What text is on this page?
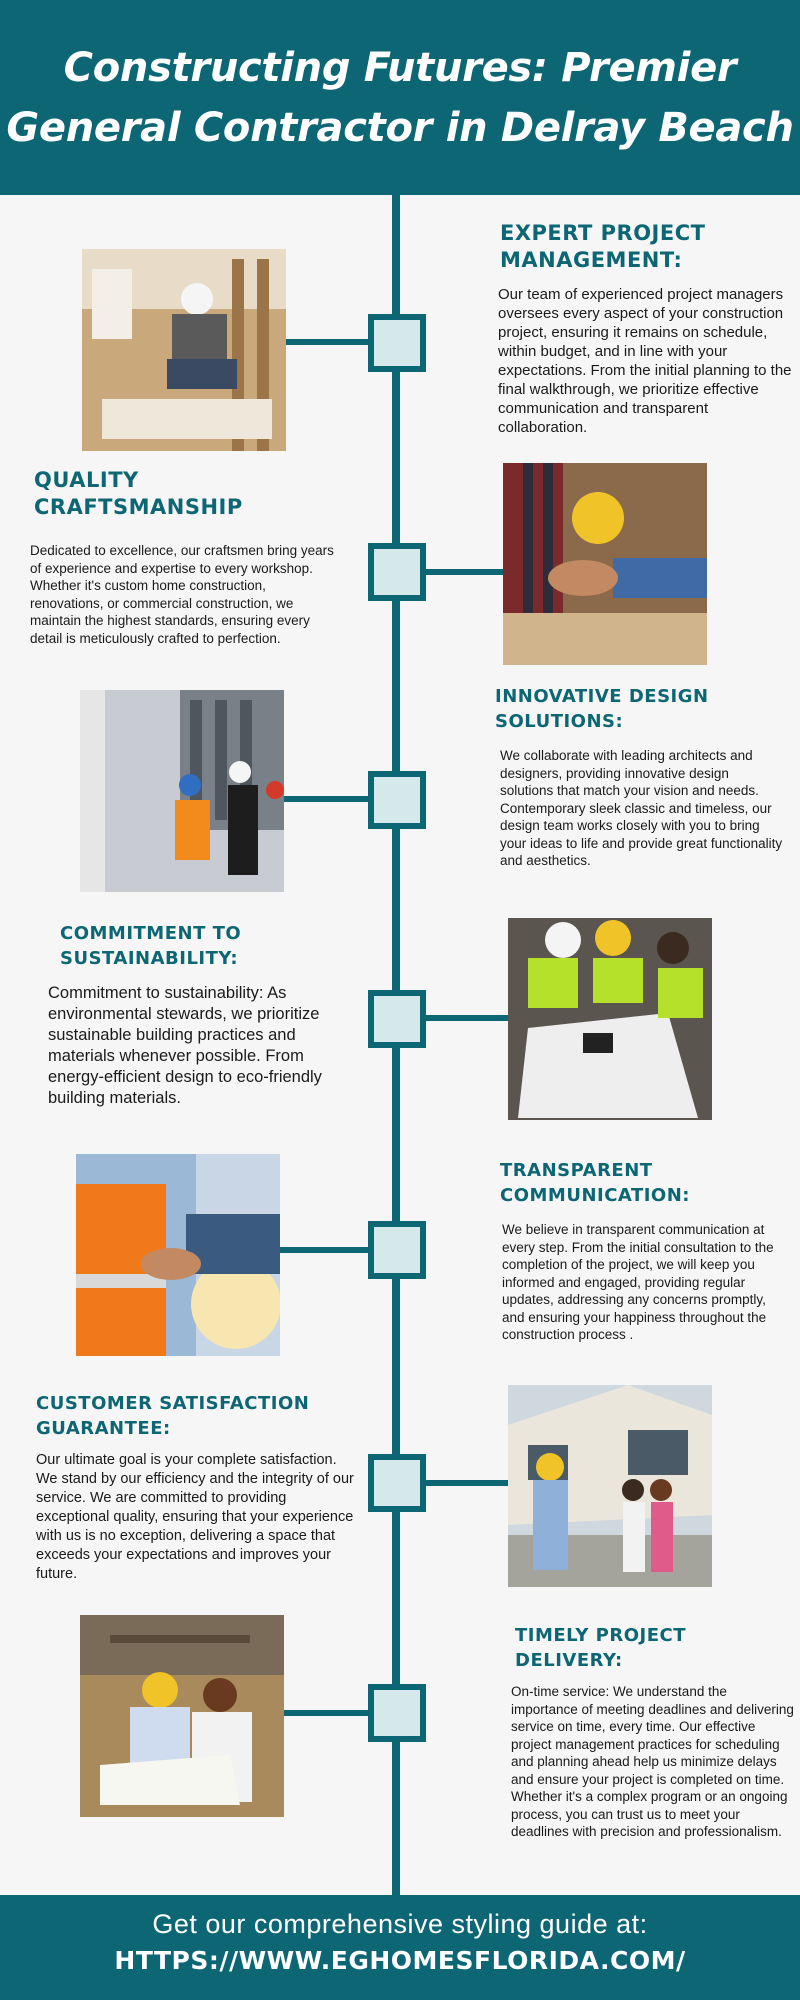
Constructing Futures: Premier General Contractor in Delray Beach
EXPERT PROJECT MANAGEMENT:
Our team of experienced project managers oversees every aspect of your construction project, ensuring it remains on schedule, within budget, and in line with your expectations. From the initial planning to the final walkthrough, we prioritize effective communication and transparent collaboration.
QUALITY CRAFTSMANSHIP
Dedicated to excellence, our craftsmen bring years of experience and expertise to every workshop. Whether it's custom home construction, renovations, or commercial construction, we maintain the highest standards, ensuring every detail is meticulously crafted to perfection.
INNOVATIVE DESIGN SOLUTIONS:
We collaborate with leading architects and designers, providing innovative design solutions that match your vision and needs. Contemporary sleek classic and timeless, our design team works closely with you to bring your ideas to life and provide great functionality and aesthetics.
COMMITMENT TO SUSTAINABILITY:
Commitment to sustainability: As environmental stewards, we prioritize sustainable building practices and materials whenever possible. From energy-efficient design to eco-friendly building materials.
TRANSPARENT COMMUNICATION:
We believe in transparent communication at every step. From the initial consultation to the completion of the project, we will keep you informed and engaged, providing regular updates, addressing any concerns promptly, and ensuring your happiness throughout the construction process .
CUSTOMER SATISFACTION GUARANTEE:
Our ultimate goal is your complete satisfaction. We stand by our efficiency and the integrity of our service. We are committed to providing exceptional quality, ensuring that your experience with us is no exception, delivering a space that exceeds your expectations and improves your future.
TIMELY PROJECT DELIVERY:
On-time service: We understand the importance of meeting deadlines and delivering service on time, every time. Our effective project management practices for scheduling and planning ahead help us minimize delays and ensure your project is completed on time. Whether it's a complex program or an ongoing process, you can trust us to meet your deadlines with precision and professionalism.
Get our comprehensive styling guide at:
HTTPS://WWW.EGHOMESFLORIDA.COM/
